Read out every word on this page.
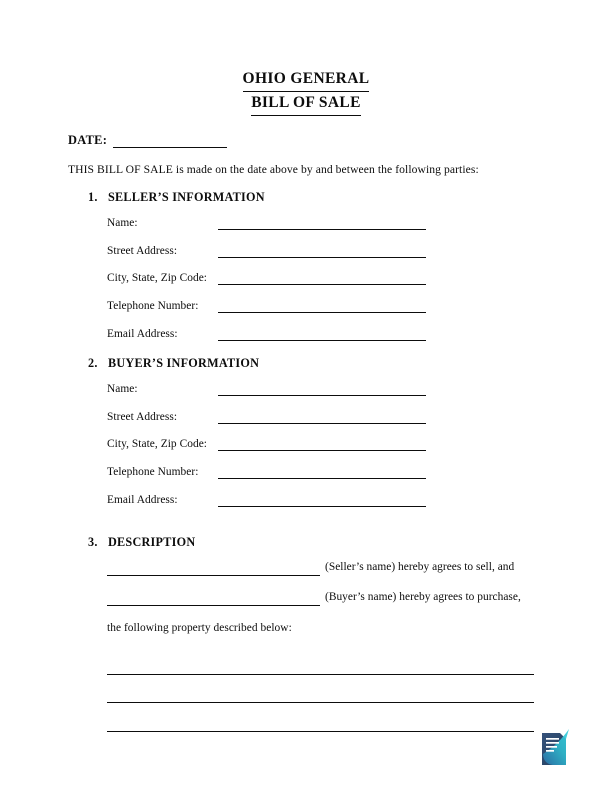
OHIO GENERAL
BILL OF SALE
DATE:
THIS BILL OF SALE is made on the date above by and between the following parties:
1. SELLER’S INFORMATION
Name:
Street Address:
City, State, Zip Code:
Telephone Number:
Email Address:
2. BUYER’S INFORMATION
Name:
Street Address:
City, State, Zip Code:
Telephone Number:
Email Address:
3. DESCRIPTION
(Seller’s name) hereby agrees to sell, and
(Buyer’s name) hereby agrees to purchase,
the following property described below:
